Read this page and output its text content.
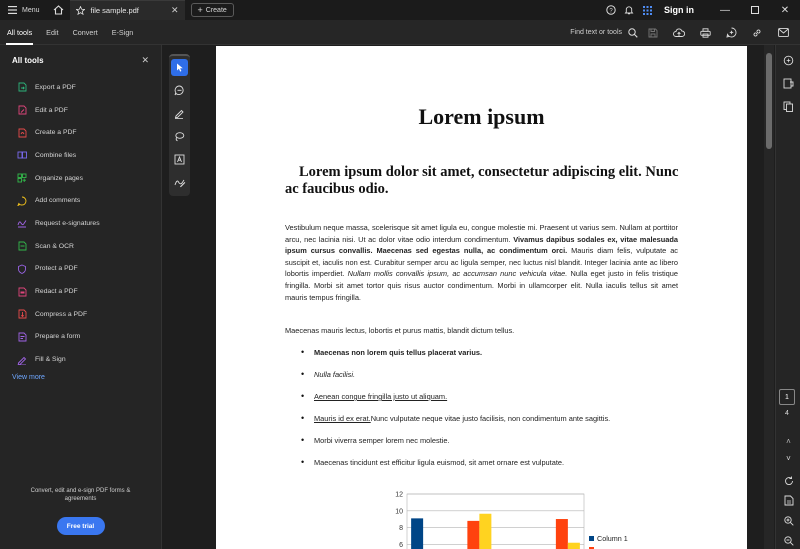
Menu	file sample.pdf	✕ + Create	?	Sign in	—	✕
All tools	Edit	Convert	E-Sign	Find text or tools
All tools	✕
Export a PDF
Edit a PDF
Create a PDF
Combine files
Organize pages
Add comments
Request e-signatures
Scan & OCR
Protect a PDF
Redact a PDF
Compress a PDF
Prepare a form
Fill & Sign
View more
Convert, edit and e-sign PDF forms & agreements
Free trial
Lorem ipsum
Lorem ipsum dolor sit amet, consectetur adipiscing elit. Nunc ac faucibus odio.
Vestibulum neque massa, scelerisque sit amet ligula eu, congue molestie mi. Praesent ut varius sem. Nullam at porttitor arcu, nec lacinia nisi. Ut ac dolor vitae odio interdum condimentum. Vivamus dapibus sodales ex, vitae malesuada ipsum cursus convallis. Maecenas sed egestas nulla, ac condimentum orci. Mauris diam felis, vulputate ac suscipit et, iaculis non est. Curabitur semper arcu ac ligula semper, nec luctus nisl blandit. Integer lacinia ante ac libero lobortis imperdiet. Nullam mollis convallis ipsum, ac accumsan nunc vehicula vitae. Nulla eget justo in felis tristique fringilla. Morbi sit amet tortor quis risus auctor condimentum. Morbi in ullamcorper elit. Nulla iaculis tellus sit amet mauris tempus fringilla.
Maecenas mauris lectus, lobortis et purus mattis, blandit dictum tellus.
• Maecenas non lorem quis tellus placerat varius.
• Nulla facilisi.
• Aenean congue fringilla justo ut aliquam.
• Mauris id ex erat. Nunc vulputate neque vitae justo facilisis, non condimentum ante sagittis.
• Morbi viverra semper lorem nec molestie.
• Maecenas tincidunt est efficitur ligula euismod, sit amet ornare est vulputate.
12
10
8
6
Column 1
˄
˅
1
4
